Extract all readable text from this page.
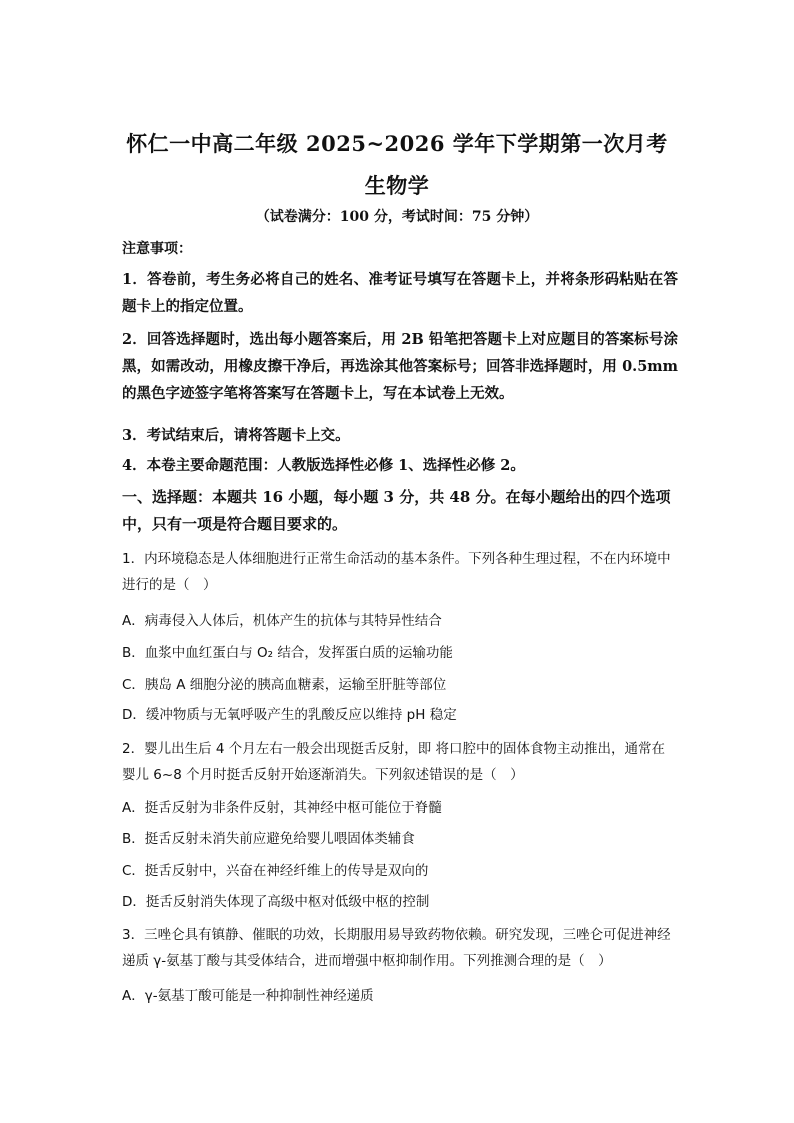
怀仁一中高二年级 2025~2026 学年下学期第一次月考
生物学
（试卷满分：100 分，考试时间：75 分钟）
注意事项：
1．答卷前，考生务必将自己的姓名、准考证号填写在答题卡上，并将条形码粘贴在答题卡上的指定位置。
2．回答选择题时，选出每小题答案后，用 2B 铅笔把答题卡上对应题目的答案标号涂黑，如需改动，用橡皮擦干净后，再选涂其他答案标号；回答非选择题时，用 0.5mm 的黑色字迹签字笔将答案写在答题卡上，写在本试卷上无效。
3．考试结束后，请将答题卡上交。
4．本卷主要命题范围：人教版选择性必修 1、选择性必修 2。
一、选择题：本题共 16 小题，每小题 3 分，共 48 分。在每小题给出的四个选项中，只有一项是符合题目要求的。
1．内环境稳态是人体细胞进行正常生命活动的基本条件。下列各种生理过程，不在内环境中进行的是（　）
A．病毒侵入人体后，机体产生的抗体与其特异性结合
B．血浆中血红蛋白与 O₂ 结合，发挥蛋白质的运输功能
C．胰岛 A 细胞分泌的胰高血糖素，运输至肝脏等部位
D．缓冲物质与无氧呼吸产生的乳酸反应以维持 pH 稳定
2．婴儿出生后 4 个月左右一般会出现挺舌反射，即 将口腔中的固体食物主动推出，通常在婴儿 6~8 个月时挺舌反射开始逐渐消失。下列叙述错误的是（　）
A．挺舌反射为非条件反射，其神经中枢可能位于脊髓
B．挺舌反射未消失前应避免给婴儿喂固体类辅食
C．挺舌反射中，兴奋在神经纤维上的传导是双向的
D．挺舌反射消失体现了高级中枢对低级中枢的控制
3．三唑仑具有镇静、催眠的功效，长期服用易导致药物依赖。研究发现，三唑仑可促进神经递质 γ-氨基丁酸与其受体结合，进而增强中枢抑制作用。下列推测合理的是（　）
A．γ-氨基丁酸可能是一种抑制性神经递质
